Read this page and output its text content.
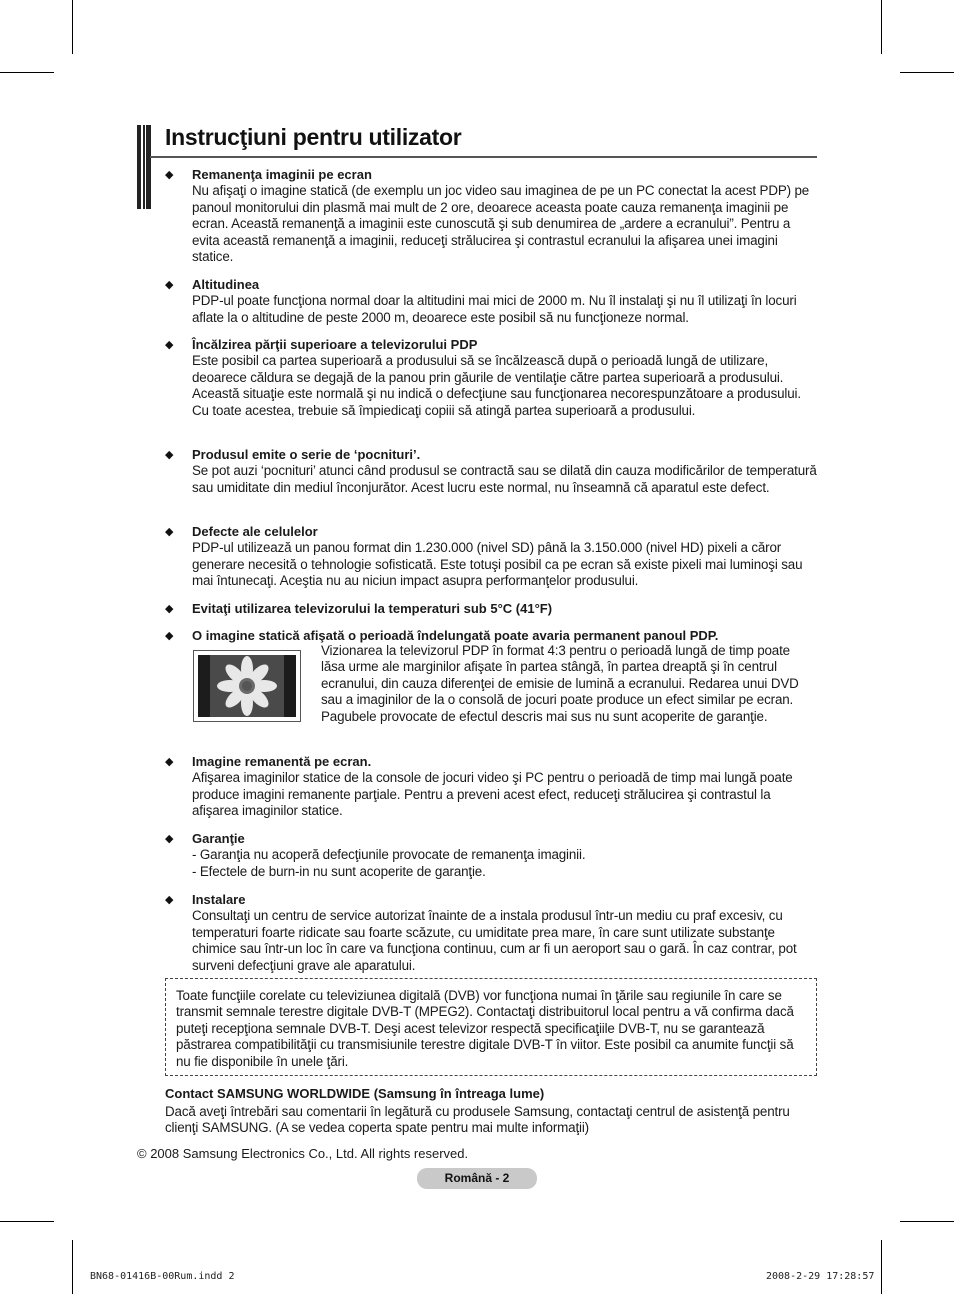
Instrucţiuni pentru utilizator
◆ Remanenţa imaginii pe ecran
Nu afişaţi o imagine statică (de exemplu un joc video sau imaginea de pe un PC conectat la acest PDP) pe panoul monitorului din plasmă mai mult de 2 ore, deoarece aceasta poate cauza remanenţa imaginii pe ecran. Această remanenţă a imaginii este cunoscută şi sub denumirea de „ardere a ecranului”. Pentru a evita această remanenţă a imaginii, reduceţi strălucirea şi contrastul ecranului la afişarea unei imagini statice.
◆ Altitudinea
PDP-ul poate funcţiona normal doar la altitudini mai mici de 2000 m. Nu îl instalaţi şi nu îl utilizaţi în locuri aflate la o altitudine de peste 2000 m, deoarece este posibil să nu funcţioneze normal.
◆ Încălzirea părţii superioare a televizorului PDP
Este posibil ca partea superioară a produsului să se încălzească după o perioadă lungă de utilizare, deoarece căldura se degajă de la panou prin găurile de ventilaţie către partea superioară a produsului. Această situaţie este normală şi nu indică o defecţiune sau funcţionarea necorespunzătoare a produsului. Cu toate acestea, trebuie să împiedicaţi copiii să atingă partea superioară a produsului.
◆ Produsul emite o serie de ‘pocnituri’.
Se pot auzi ‘pocnituri’ atunci când produsul se contractă sau se dilată din cauza modificărilor de temperatură sau umiditate din mediul înconjurător. Acest lucru este normal, nu înseamnă că aparatul este defect.
◆ Defecte ale celulelor
PDP-ul utilizează un panou format din 1.230.000 (nivel SD) până la 3.150.000 (nivel HD) pixeli a căror generare necesită o tehnologie sofisticată. Este totuşi posibil ca pe ecran să existe pixeli mai luminoşi sau mai întunecaţi. Aceştia nu au niciun impact asupra performanţelor produsului.
◆ Evitaţi utilizarea televizorului la temperaturi sub 5°C (41°F)
◆ O imagine statică afişată o perioadă îndelungată poate avaria permanent panoul PDP.
Vizionarea la televizorul PDP în format 4:3 pentru o perioadă lungă de timp poate lăsa urme ale marginilor afişate în partea stângă, în partea dreaptă şi în centrul ecranului, din cauza diferenţei de emisie de lumină a ecranului. Redarea unui DVD sau a imaginilor de la o consolă de jocuri poate produce un efect similar pe ecran. Pagubele provocate de efectul descris mai sus nu sunt acoperite de garanţie.
◆ Imagine remanentă pe ecran.
Afişarea imaginilor statice de la console de jocuri video şi PC pentru o perioadă de timp mai lungă poate produce imagini remanente parţiale. Pentru a preveni acest efect, reduceţi strălucirea şi contrastul la afişarea imaginilor statice.
◆ Garanţie
- Garanţia nu acoperă defecţiunile provocate de remanenţa imaginii.
- Efectele de burn-in nu sunt acoperite de garanţie.
◆ Instalare
Consultaţi un centru de service autorizat înainte de a instala produsul într-un mediu cu praf excesiv, cu temperaturi foarte ridicate sau foarte scăzute, cu umiditate prea mare, în care sunt utilizate substanţe chimice sau într-un loc în care va funcţiona continuu, cum ar fi un aeroport sau o gară. În caz contrar, pot surveni defecţiuni grave ale aparatului.
Toate funcţiile corelate cu televiziunea digitală (DVB) vor funcţiona numai în ţările sau regiunile în care se transmit semnale terestre digitale DVB-T (MPEG2). Contactaţi distribuitorul local pentru a vă confirma dacă puteţi recepţiona semnale DVB-T. Deşi acest televizor respectă specificaţiile DVB-T, nu se garantează păstrarea compatibilităţii cu transmisiunile terestre digitale DVB-T în viitor. Este posibil ca anumite funcţii să nu fie disponibile în unele ţări.
Contact SAMSUNG WORLDWIDE (Samsung în întreaga lume)
Dacă aveţi întrebări sau comentarii în legătură cu produsele Samsung, contactaţi centrul de asistenţă pentru clienţi SAMSUNG. (A se vedea coperta spate pentru mai multe informaţii)
© 2008 Samsung Electronics Co., Ltd. All rights reserved.
Română - 2
BN68-01416B-00Rum.indd 2	2008-2-29 17:28:57
